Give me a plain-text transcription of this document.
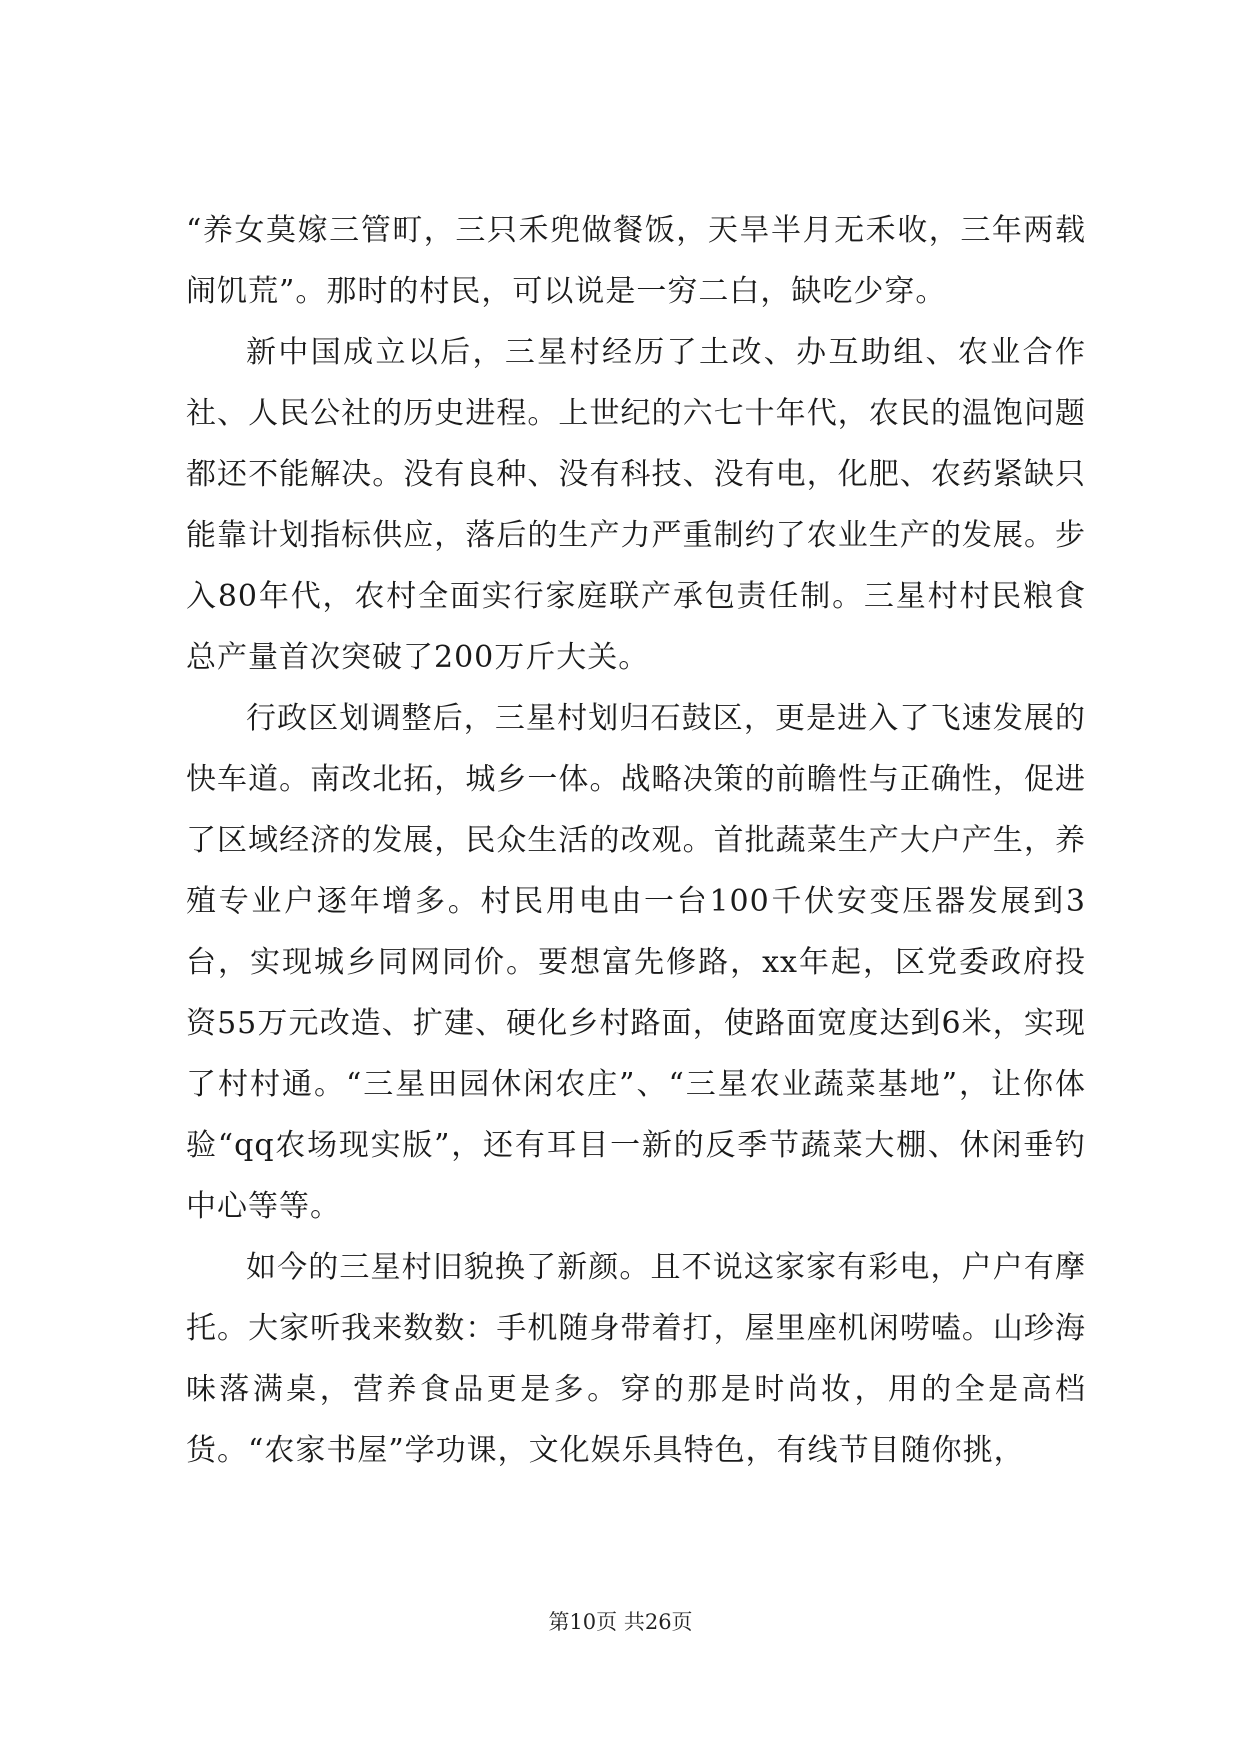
“养女莫嫁三管町，三只禾兜做餐饭，天旱半月无禾收，三年两载闹饥荒”。那时的村民，可以说是一穷二白，缺吃少穿。

新中国成立以后，三星村经历了土改、办互助组、农业合作社、人民公社的历史进程。上世纪的六七十年代，农民的温饱问题都还不能解决。没有良种、没有科技、没有电，化肥、农药紧缺只能靠计划指标供应，落后的生产力严重制约了农业生产的发展。步入80年代，农村全面实行家庭联产承包责任制。三星村村民粮食总产量首次突破了200万斤大关。

行政区划调整后，三星村划归石鼓区，更是进入了飞速发展的快车道。南改北拓，城乡一体。战略决策的前瞻性与正确性，促进了区域经济的发展，民众生活的改观。首批蔬菜生产大户产生，养殖专业户逐年增多。村民用电由一台100千伏安变压器发展到3台，实现城乡同网同价。要想富先修路，xx年起，区党委政府投资55万元改造、扩建、硬化乡村路面，使路面宽度达到6米，实现了村村通。“三星田园休闲农庄”、“三星农业蔬菜基地”，让你体验“qq农场现实版”，还有耳目一新的反季节蔬菜大棚、休闲垂钓中心等等。

如今的三星村旧貌换了新颜。且不说这家家有彩电，户户有摩托。大家听我来数数：手机随身带着打，屋里座机闲唠嗑。山珍海味落满桌，营养食品更是多。穿的那是时尚妆，用的全是高档货。“农家书屋”学功课，文化娱乐具特色，有线节目随你挑，

第10页 共26页
